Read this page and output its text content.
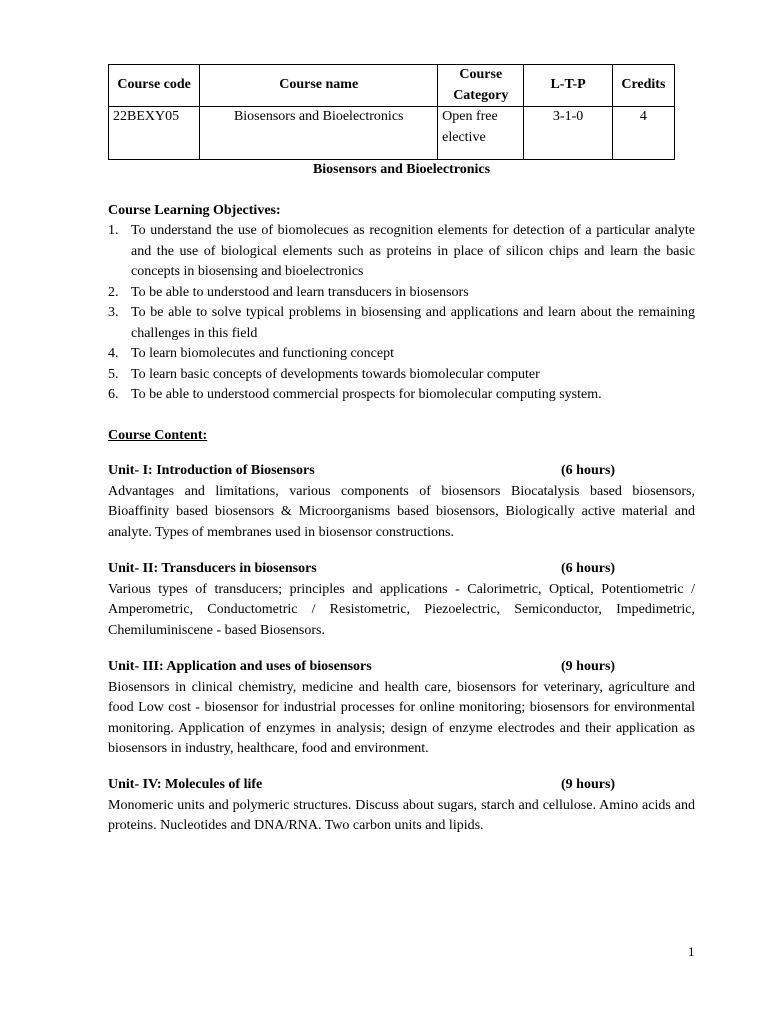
Course code	Course name	Course Category	L-T-P	Credits
22BEXY05	Biosensors and Bioelectronics	Open free elective	3-1-0	4
Biosensors and Bioelectronics
Course Learning Objectives:
1. To understand the use of biomolecues as recognition elements for detection of a particular analyte and the use of biological elements such as proteins in place of silicon chips and learn the basic concepts in biosensing and bioelectronics
2. To be able to understood and learn transducers in biosensors
3. To be able to solve typical problems in biosensing and applications and learn about the remaining challenges in this field
4. To learn biomolecutes and functioning concept
5. To learn basic concepts of developments towards biomolecular computer
6. To be able to understood commercial prospects for biomolecular computing system.
Course Content:
Unit- I: Introduction of Biosensors	(6 hours)
Advantages and limitations, various components of biosensors Biocatalysis based biosensors, Bioaffinity based biosensors & Microorganisms based biosensors, Biologically active material and analyte. Types of membranes used in biosensor constructions.
Unit- II: Transducers in biosensors	(6 hours)
Various types of transducers; principles and applications - Calorimetric, Optical, Potentiometric / Amperometric, Conductometric / Resistometric, Piezoelectric, Semiconductor, Impedimetric, Chemiluminiscene - based Biosensors.
Unit- III: Application and uses of biosensors	(9 hours)
Biosensors in clinical chemistry, medicine and health care, biosensors for veterinary, agriculture and food Low cost - biosensor for industrial processes for online monitoring; biosensors for environmental monitoring. Application of enzymes in analysis; design of enzyme electrodes and their application as biosensors in industry, healthcare, food and environment.
Unit- IV: Molecules of life	(9 hours)
Monomeric units and polymeric structures. Discuss about sugars, starch and cellulose. Amino acids and proteins. Nucleotides and DNA/RNA. Two carbon units and lipids.
1
